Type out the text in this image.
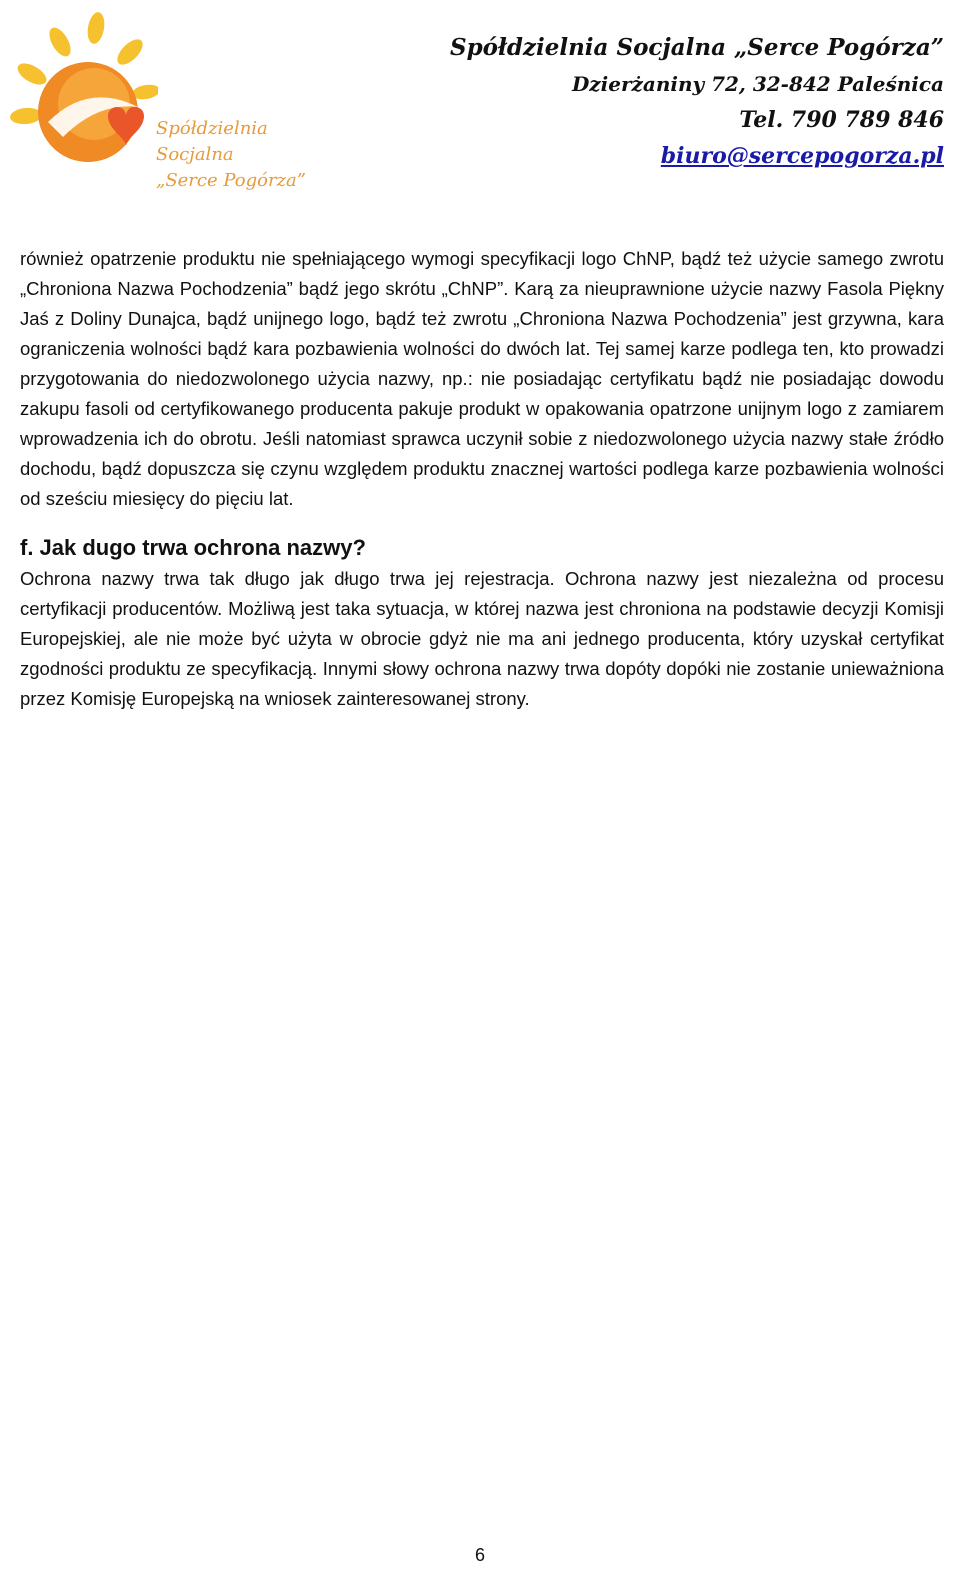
Spółdzielnia Socjalna
„Serce Pogórza”
Spółdzielnia Socjalna „Serce Pogórza”
Dzierżaniny 72, 32-842 Paleśnica
Tel. 790 789 846
biuro@sercepogorza.pl

również opatrzenie produktu nie spełniającego wymogi specyfikacji logo ChNP, bądź też użycie samego zwrotu „Chroniona Nazwa Pochodzenia” bądź jego skrótu „ChNP”. Karą za nieuprawnione użycie nazwy Fasola Piękny Jaś z Doliny Dunajca, bądź unijnego logo, bądź też zwrotu „Chroniona Nazwa Pochodzenia” jest grzywna, kara ograniczenia wolności bądź kara pozbawienia wolności do dwóch lat. Tej samej karze podlega ten, kto prowadzi przygotowania do niedozwolonego użycia nazwy, np.: nie posiadając certyfikatu bądź nie posiadając dowodu zakupu fasoli od certyfikowanego producenta pakuje produkt w opakowania opatrzone unijnym logo z zamiarem wprowadzenia ich do obrotu. Jeśli natomiast sprawca uczynił sobie z niedozwolonego użycia nazwy stałe źródło dochodu, bądź dopuszcza się czynu względem produktu znacznej wartości podlega karze pozbawienia wolności od sześciu miesięcy do pięciu lat.

f. Jak dugo trwa ochrona nazwy?

Ochrona nazwy trwa tak długo jak długo trwa jej rejestracja. Ochrona nazwy jest niezależna od procesu certyfikacji producentów. Możliwą jest taka sytuacja, w której nazwa jest chroniona na podstawie decyzji Komisji Europejskiej, ale nie może być użyta w obrocie gdyż nie ma ani jednego producenta, który uzyskał certyfikat zgodności produktu ze specyfikacją. Innymi słowy ochrona nazwy trwa dopóty dopóki nie zostanie unieważniona przez Komisję Europejską na wniosek zainteresowanej strony.

6
